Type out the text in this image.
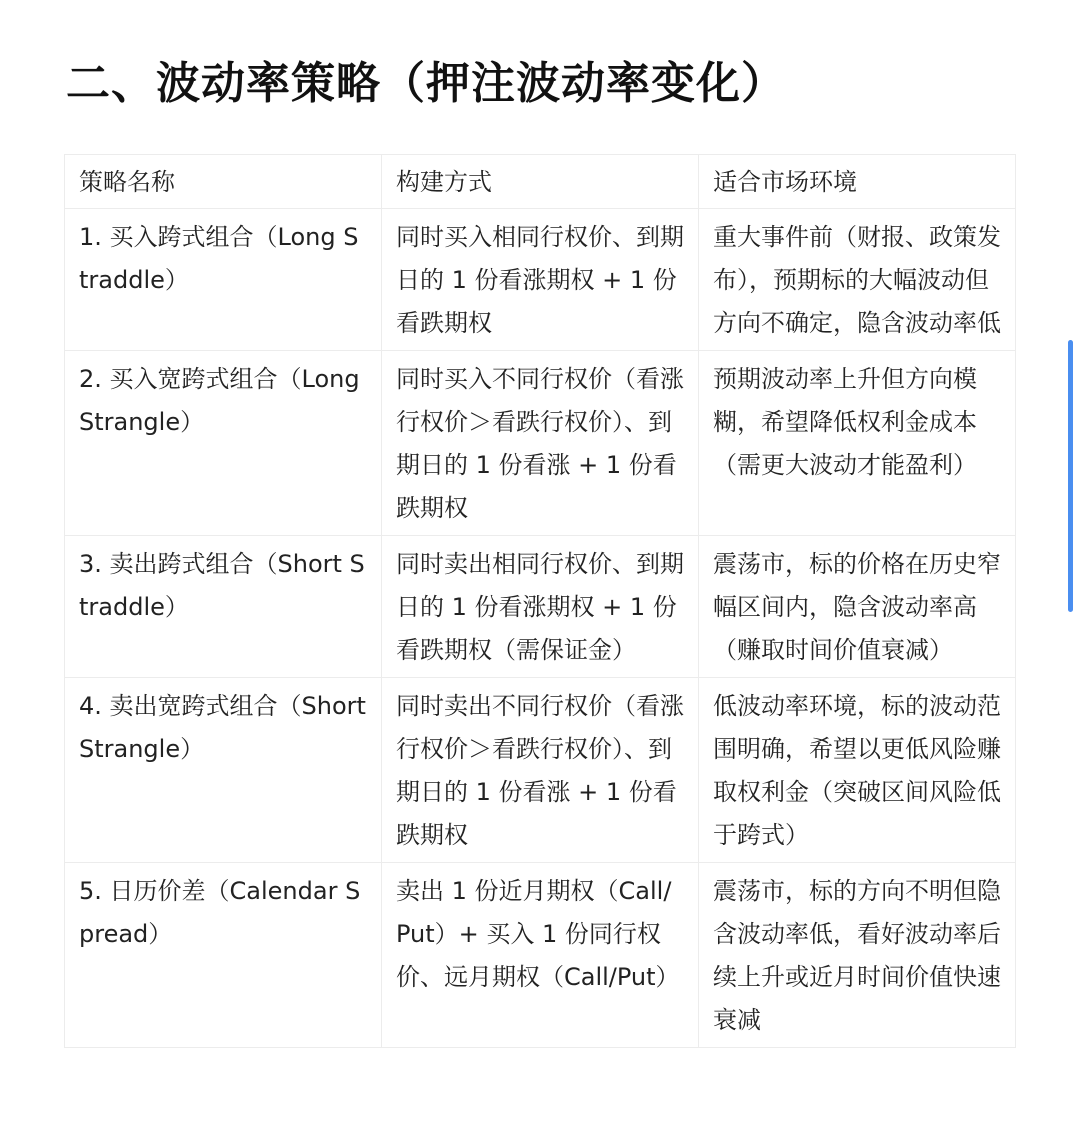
二、波动率策略（押注波动率变化）
策略名称	构建方式	适合市场环境
1. 买入跨式组合（Long Straddle）	同时买入相同行权价、到期日的 1 份看涨期权 + 1 份看跌期权	重大事件前（财报、政策发布），预期标的大幅波动但方向不确定，隐含波动率低
2. 买入宽跨式组合（Long Strangle）	同时买入不同行权价（看涨行权价＞看跌行权价）、到期日的 1 份看涨 + 1 份看跌期权	预期波动率上升但方向模糊，希望降低权利金成本（需更大波动才能盈利）
3. 卖出跨式组合（Short Straddle）	同时卖出相同行权价、到期日的 1 份看涨期权 + 1 份看跌期权（需保证金）	震荡市，标的价格在历史窄幅区间内，隐含波动率高（赚取时间价值衰减）
4. 卖出宽跨式组合（Short Strangle）	同时卖出不同行权价（看涨行权价＞看跌行权价）、到期日的 1 份看涨 + 1 份看跌期权	低波动率环境，标的波动范围明确，希望以更低风险赚取权利金（突破区间风险低于跨式）
5. 日历价差（Calendar Spread）	卖出 1 份近月期权（Call/Put）+ 买入 1 份同行权价、远月期权（Call/Put）	震荡市，标的方向不明但隐含波动率低，看好波动率后续上升或近月时间价值快速衰减
